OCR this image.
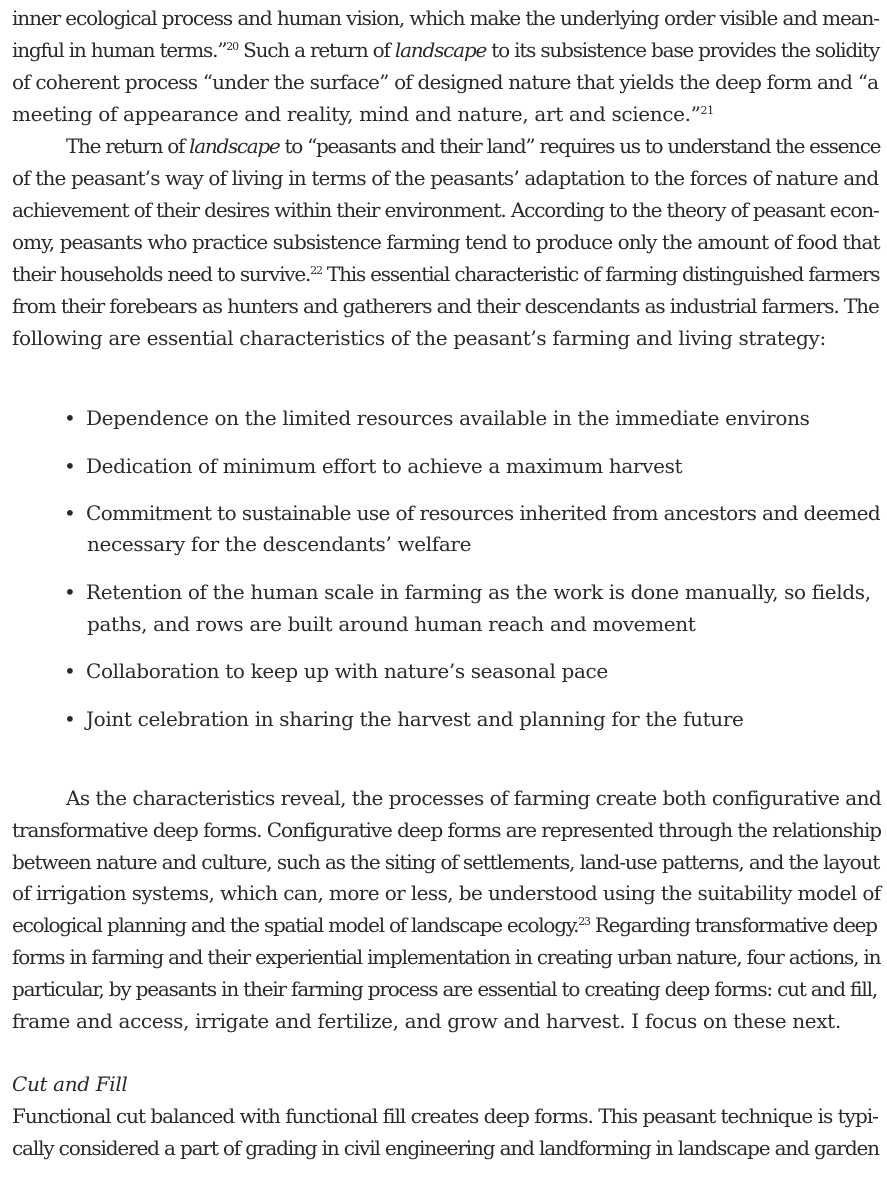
inner ecological process and human vision, which make the underlying order visible and mean-
ingful in human terms.”$^{20}$ Such a return of landscape to its subsistence base provides the solidity
of coherent process “under the surface” of designed nature that yields the deep form and “a
meeting of appearance and reality, mind and nature, art and science.”$^{21}$
The return of landscape to “peasants and their land” requires us to understand the essence
of the peasant’s way of living in terms of the peasants’ adaptation to the forces of nature and
achievement of their desires within their environment. According to the theory of peasant econ-
omy, peasants who practice subsistence farming tend to produce only the amount of food that
their households need to survive.$^{22}$ This essential characteristic of farming distinguished farmers
from their forebears as hunters and gatherers and their descendants as industrial farmers. The
following are essential characteristics of the peasant’s farming and living strategy:
• Dependence on the limited resources available in the immediate environs
• Dedication of minimum effort to achieve a maximum harvest
• Commitment to sustainable use of resources inherited from ancestors and deemed
necessary for the descendants’ welfare
• Retention of the human scale in farming as the work is done manually, so fields,
paths, and rows are built around human reach and movement
• Collaboration to keep up with nature’s seasonal pace
• Joint celebration in sharing the harvest and planning for the future
As the characteristics reveal, the processes of farming create both configurative and
transformative deep forms. Configurative deep forms are represented through the relationship
between nature and culture, such as the siting of settlements, land-use patterns, and the layout
of irrigation systems, which can, more or less, be understood using the suitability model of
ecological planning and the spatial model of landscape ecology.$^{23}$ Regarding transformative deep
forms in farming and their experiential implementation in creating urban nature, four actions, in
particular, by peasants in their farming process are essential to creating deep forms: cut and fill,
frame and access, irrigate and fertilize, and grow and harvest. I focus on these next.
Cut and Fill
Functional cut balanced with functional fill creates deep forms. This peasant technique is typi-
cally considered a part of grading in civil engineering and landforming in landscape and garden
